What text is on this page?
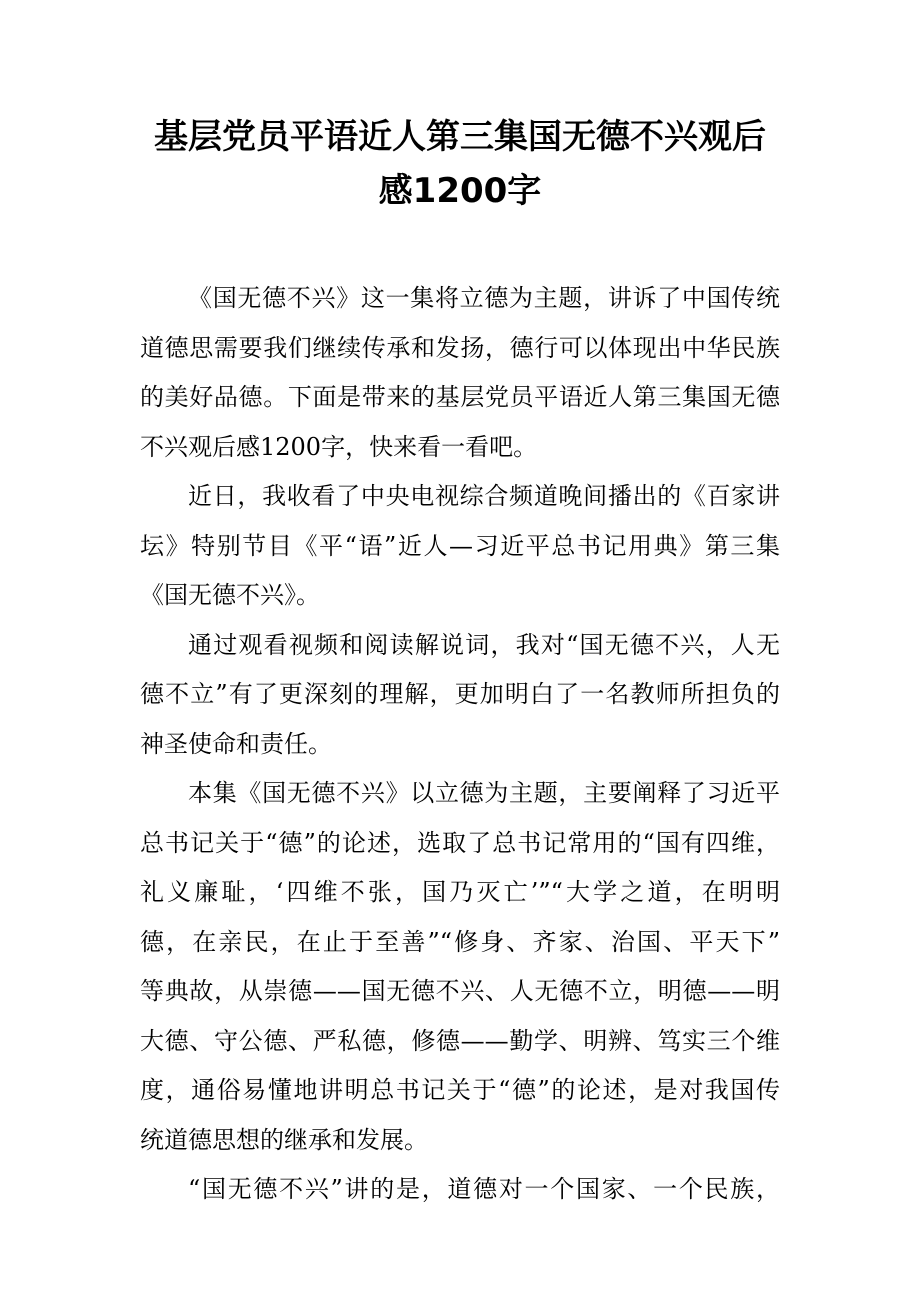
基层党员平语近人第三集国无德不兴观后
感1200字

《国无德不兴》这一集将立德为主题，讲诉了中国传统
道德思需要我们继续传承和发扬，德行可以体现出中华民族
的美好品德。下面是带来的基层党员平语近人第三集国无德
不兴观后感1200字，快来看一看吧。

近日，我收看了中央电视综合频道晚间播出的《百家讲
坛》特别节目《平“语”近人—习近平总书记用典》第三集
《国无德不兴》。

通过观看视频和阅读解说词，我对“国无德不兴，人无
德不立”有了更深刻的理解，更加明白了一名教师所担负的
神圣使命和责任。

本集《国无德不兴》以立德为主题，主要阐释了习近平
总书记关于“德”的论述，选取了总书记常用的“国有四维，
礼义廉耻，‘四维不张，国乃灭亡’”“大学之道，在明明
德，在亲民，在止于至善”“修身、齐家、治国、平天下”
等典故，从崇德——国无德不兴、人无德不立，明德——明
大德、守公德、严私德，修德——勤学、明辨、笃实三个维
度，通俗易懂地讲明总书记关于“德”的论述，是对我国传
统道德思想的继承和发展。

“国无德不兴”讲的是，道德对一个国家、一个民族，
